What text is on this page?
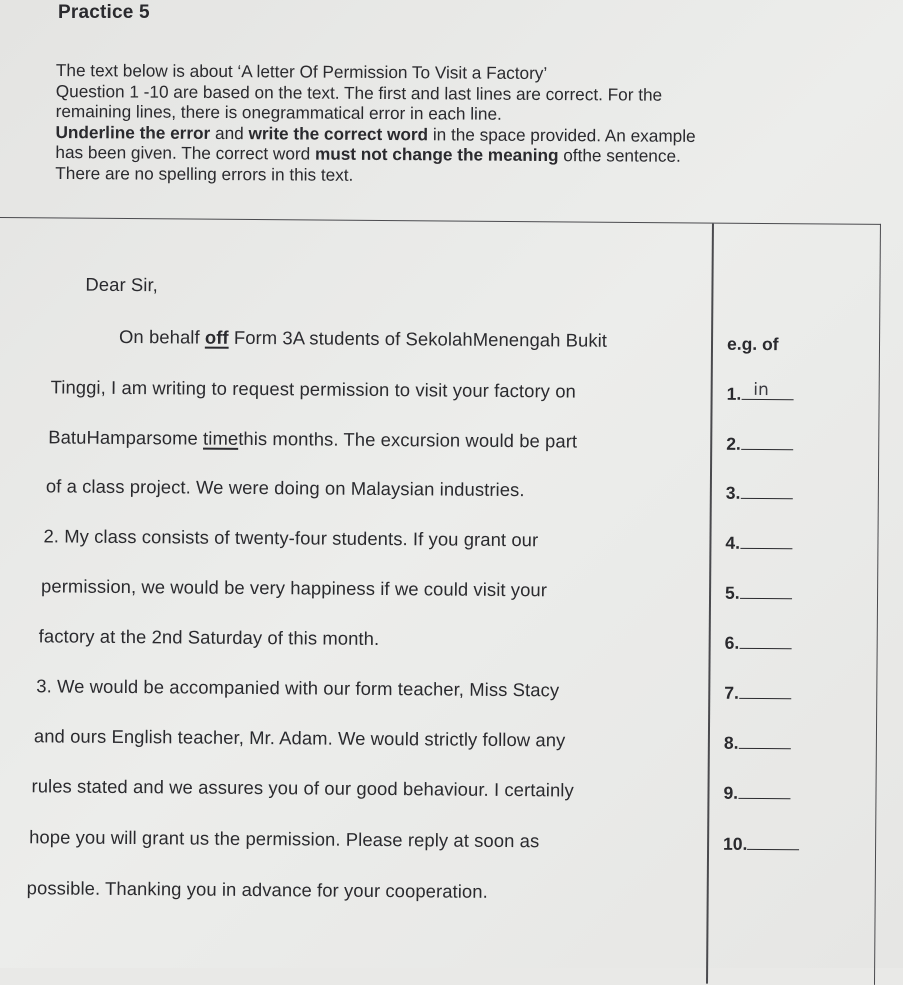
Practice 5

The text below is about ‘A letter Of Permission To Visit a Factory’

Question 1 -10 are based on the text. The first and last lines are correct. For the

remaining lines, there is onegrammatical error in each line.

Underline the error and write the correct word in the space provided. An example

has been given. The correct word must not change the meaning ofthe sentence.

There are no spelling errors in this text.

Dear Sir,
On behalf off Form 3A students of SekolahMenengah Bukit	e.g. of
Tinggi, I am writing to request permission to visit your factory on	1. in
BatuHamparsome timethis months. The excursion would be part	2.
of a class project. We were doing on Malaysian industries.	3.
2. My class consists of twenty-four students. If you grant our	4.
permission, we would be very happiness if we could visit your	5.
factory at the 2nd Saturday of this month.	6.
3. We would be accompanied with our form teacher, Miss Stacy	7.
and ours English teacher, Mr. Adam. We would strictly follow any	8.
rules stated and we assures you of our good behaviour. I certainly	9.
hope you will grant us the permission. Please reply at soon as	10.
possible. Thanking you in advance for your cooperation.
